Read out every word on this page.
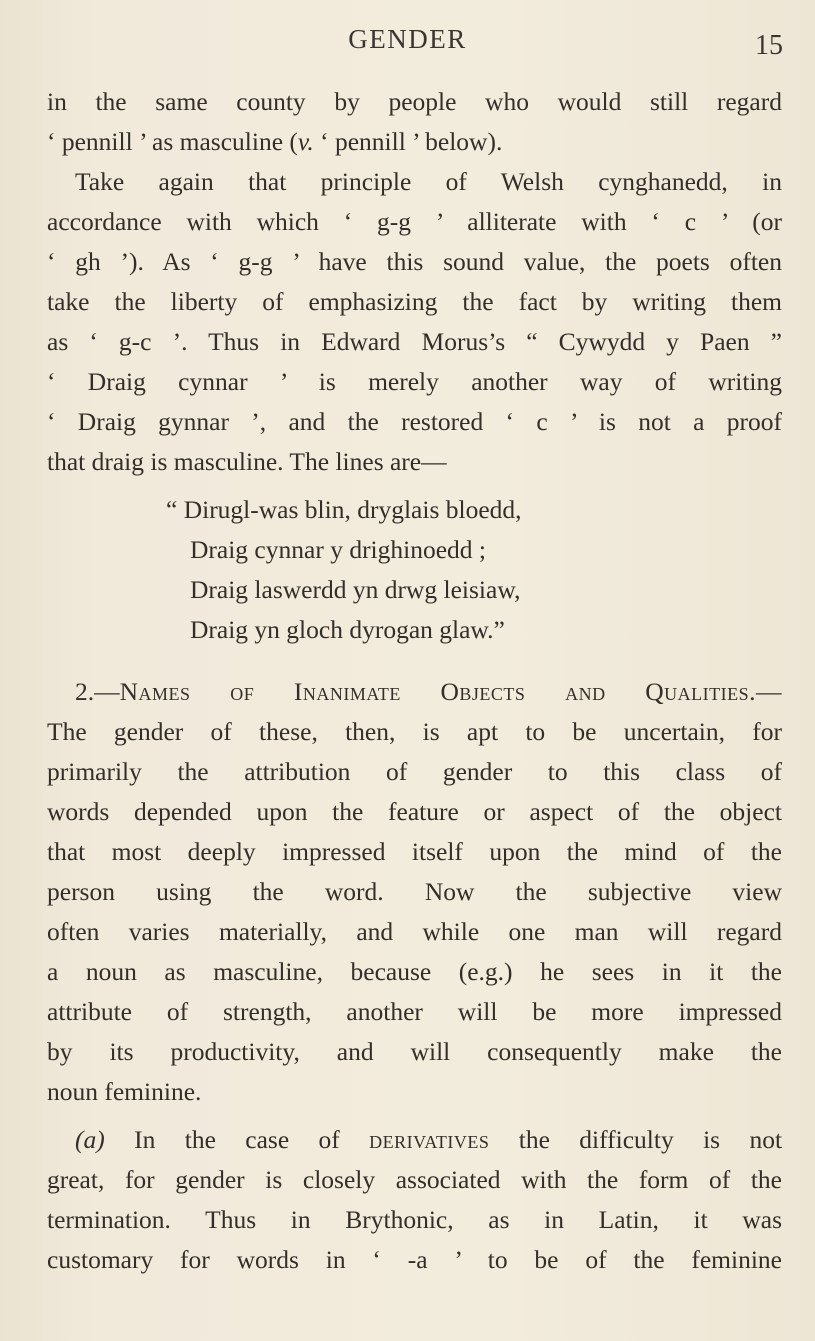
GENDER	15
in the same county by people who would still regard
‘ pennill ’ as masculine (v. ‘ pennill ’ below).
Take again that principle of Welsh cynghanedd, in
accordance with which ‘ g-g ’ alliterate with ‘ c ’ (or
‘ gh ’). As ‘ g-g ’ have this sound value, the poets often
take the liberty of emphasizing the fact by writing them
as ‘ g-c ’. Thus in Edward Morus’s “ Cywydd y Paen ”
‘ Draig cynnar ’ is merely another way of writing
‘ Draig gynnar ’, and the restored ‘ c ’ is not a proof
that draig is masculine. The lines are—
“ Dirugl-was blin, dryglais bloedd,
Draig cynnar y drighinoedd ;
Draig laswerdd yn drwg leisiaw,
Draig yn gloch dyrogan glaw.”
2.—Names of Inanimate Objects and Qualities.—
The gender of these, then, is apt to be uncertain, for
primarily the attribution of gender to this class of
words depended upon the feature or aspect of the object
that most deeply impressed itself upon the mind of the
person using the word. Now the subjective view
often varies materially, and while one man will regard
a noun as masculine, because (e.g.) he sees in it the
attribute of strength, another will be more impressed
by its productivity, and will consequently make the
noun feminine.
(a) In the case of derivatives the difficulty is not
great, for gender is closely associated with the form of the
termination. Thus in Brythonic, as in Latin, it was
customary for words in ‘ -a ’ to be of the feminine
